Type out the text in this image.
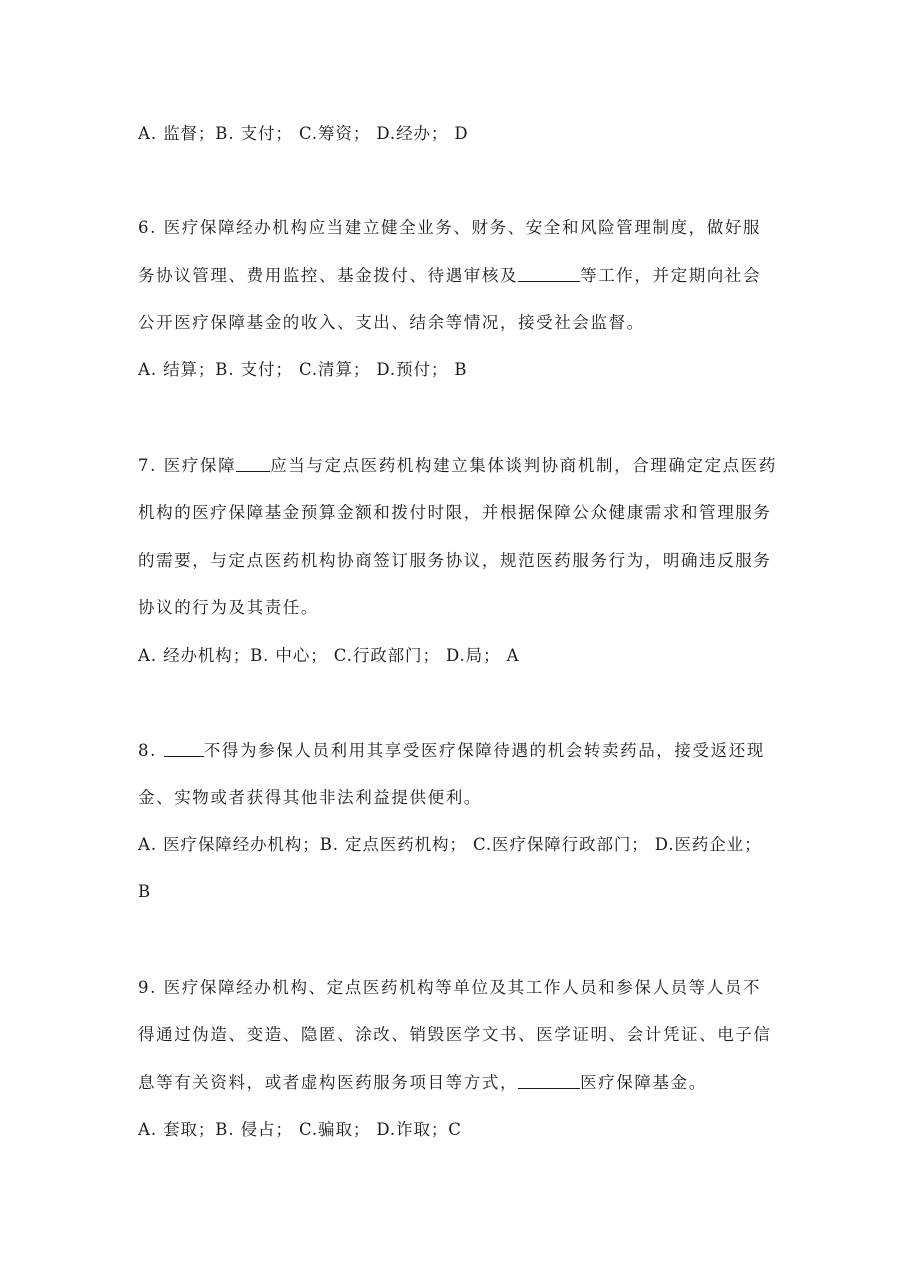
A. 监督；B. 支付； C.筹资； D.经办； D
6. 医疗保障经办机构应当建立健全业务、财务、安全和风险管理制度，做好服
务协议管理、费用监控、基金拨付、待遇审核及	等工作，并定期向社会
公开医疗保障基金的收入、支出、结余等情况，接受社会监督。
A. 结算；B. 支付； C.清算； D.预付； B
7. 医疗保障 应当与定点医药机构建立集体谈判协商机制，合理确定定点医药
机构的医疗保障基金预算金额和拨付时限，并根据保障公众健康需求和管理服务
的需要，与定点医药机构协商签订服务协议，规范医药服务行为，明确违反服务
协议的行为及其责任。
A. 经办机构；B. 中心； C.行政部门； D.局； A
8. 不得为参保人员利用其享受医疗保障待遇的机会转卖药品，接受返还现
金、实物或者获得其他非法利益提供便利。
A. 医疗保障经办机构；B. 定点医药机构； C.医疗保障行政部门； D.医药企业；
B
9. 医疗保障经办机构、定点医药机构等单位及其工作人员和参保人员等人员不
得通过伪造、变造、隐匿、涂改、销毁医学文书、医学证明、会计凭证、电子信
息等有关资料，或者虚构医药服务项目等方式，	医疗保障基金。
A. 套取；B. 侵占； C.骗取； D.诈取；C
